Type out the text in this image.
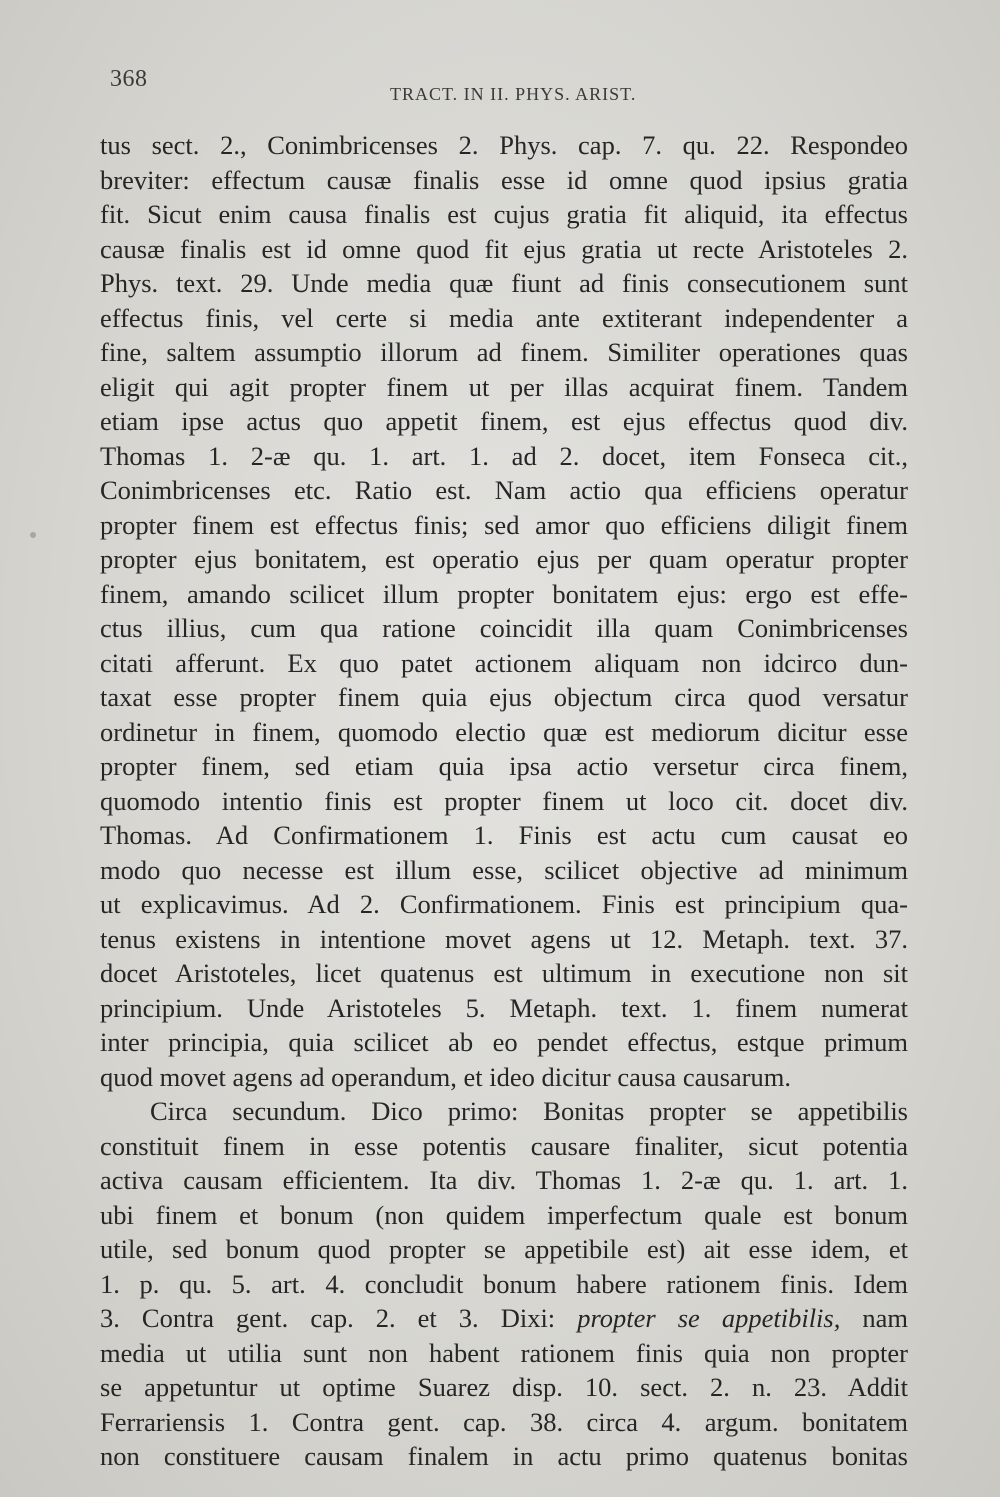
368
TRACT. IN II. PHYS. ARIST.
tus sect. 2., Conimbricenses 2. Phys. cap. 7. qu. 22. Respondeo
breviter: effectum causæ finalis esse id omne quod ipsius gratia
fit. Sicut enim causa finalis est cujus gratia fit aliquid, ita effectus
causæ finalis est id omne quod fit ejus gratia ut recte Aristoteles 2.
Phys. text. 29. Unde media quæ fiunt ad finis consecutionem sunt
effectus finis, vel certe si media ante extiterant independenter a
fine, saltem assumptio illorum ad finem. Similiter operationes quas
eligit qui agit propter finem ut per illas acquirat finem. Tandem
etiam ipse actus quo appetit finem, est ejus effectus quod div.
Thomas 1. 2-æ qu. 1. art. 1. ad 2. docet, item Fonseca cit.,
Conimbricenses etc. Ratio est. Nam actio qua efficiens operatur
propter finem est effectus finis; sed amor quo efficiens diligit finem
propter ejus bonitatem, est operatio ejus per quam operatur propter
finem, amando scilicet illum propter bonitatem ejus: ergo est effe-
ctus illius, cum qua ratione coincidit illa quam Conimbricenses
citati afferunt. Ex quo patet actionem aliquam non idcirco dun-
taxat esse propter finem quia ejus objectum circa quod versatur
ordinetur in finem, quomodo electio quæ est mediorum dicitur esse
propter finem, sed etiam quia ipsa actio versetur circa finem,
quomodo intentio finis est propter finem ut loco cit. docet div.
Thomas. Ad Confirmationem 1. Finis est actu cum causat eo
modo quo necesse est illum esse, scilicet objective ad minimum
ut explicavimus. Ad 2. Confirmationem. Finis est principium qua-
tenus existens in intentione movet agens ut 12. Metaph. text. 37.
docet Aristoteles, licet quatenus est ultimum in executione non sit
principium. Unde Aristoteles 5. Metaph. text. 1. finem numerat
inter principia, quia scilicet ab eo pendet effectus, estque primum
quod movet agens ad operandum, et ideo dicitur causa causarum.
Circa secundum. Dico primo: Bonitas propter se appetibilis
constituit finem in esse potentis causare finaliter, sicut potentia
activa causam efficientem. Ita div. Thomas 1. 2-æ qu. 1. art. 1.
ubi finem et bonum (non quidem imperfectum quale est bonum
utile, sed bonum quod propter se appetibile est) ait esse idem, et
1. p. qu. 5. art. 4. concludit bonum habere rationem finis. Idem
3. Contra gent. cap. 2. et 3. Dixi: propter se appetibilis, nam
media ut utilia sunt non habent rationem finis quia non propter
se appetuntur ut optime Suarez disp. 10. sect. 2. n. 23. Addit
Ferrariensis 1. Contra gent. cap. 38. circa 4. argum. bonitatem
non constituere causam finalem in actu primo quatenus bonitas
